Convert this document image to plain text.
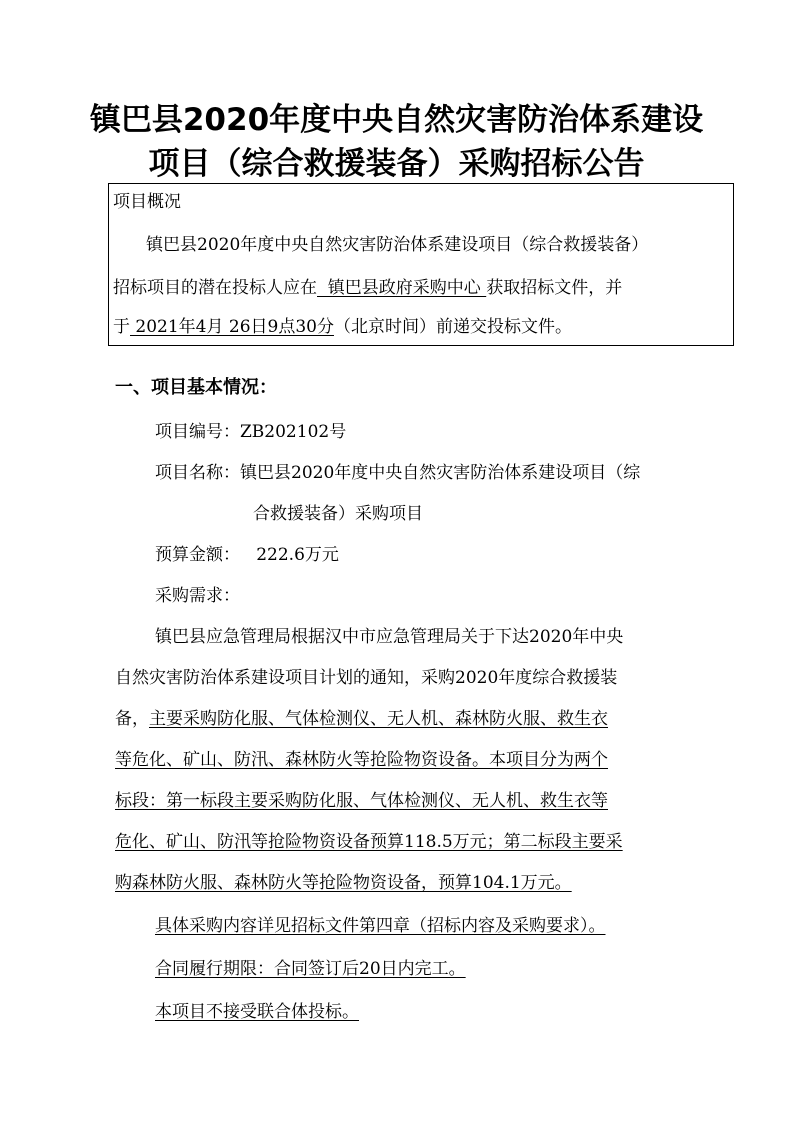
镇巴县2020年度中央自然灾害防治体系建设
项目（综合救援装备）采购招标公告
项目概况
镇巴县2020年度中央自然灾害防治体系建设项目（综合救援装备）
招标项目的潜在投标人应在  镇巴县政府采购中心 获取招标文件，并
于 2021年4月 26日9点30分（北京时间）前递交投标文件。
一、项目基本情况：
项目编号：ZB202102号
项目名称：镇巴县2020年度中央自然灾害防治体系建设项目（综
合救援装备）采购项目
预算金额：   222.6万元
采购需求：
镇巴县应急管理局根据汉中市应急管理局关于下达2020年中央
自然灾害防治体系建设项目计划的通知，采购2020年度综合救援装
备，主要采购防化服、气体检测仪、无人机、森林防火服、救生衣
等危化、矿山、防汛、森林防火等抢险物资设备。本项目分为两个
标段：第一标段主要采购防化服、气体检测仪、无人机、救生衣等
危化、矿山、防汛等抢险物资设备预算118.5万元；第二标段主要采
购森林防火服、森林防火等抢险物资设备，预算104.1万元。
具体采购内容详见招标文件第四章（招标内容及采购要求）。
合同履行期限：合同签订后20日内完工。
本项目不接受联合体投标。
